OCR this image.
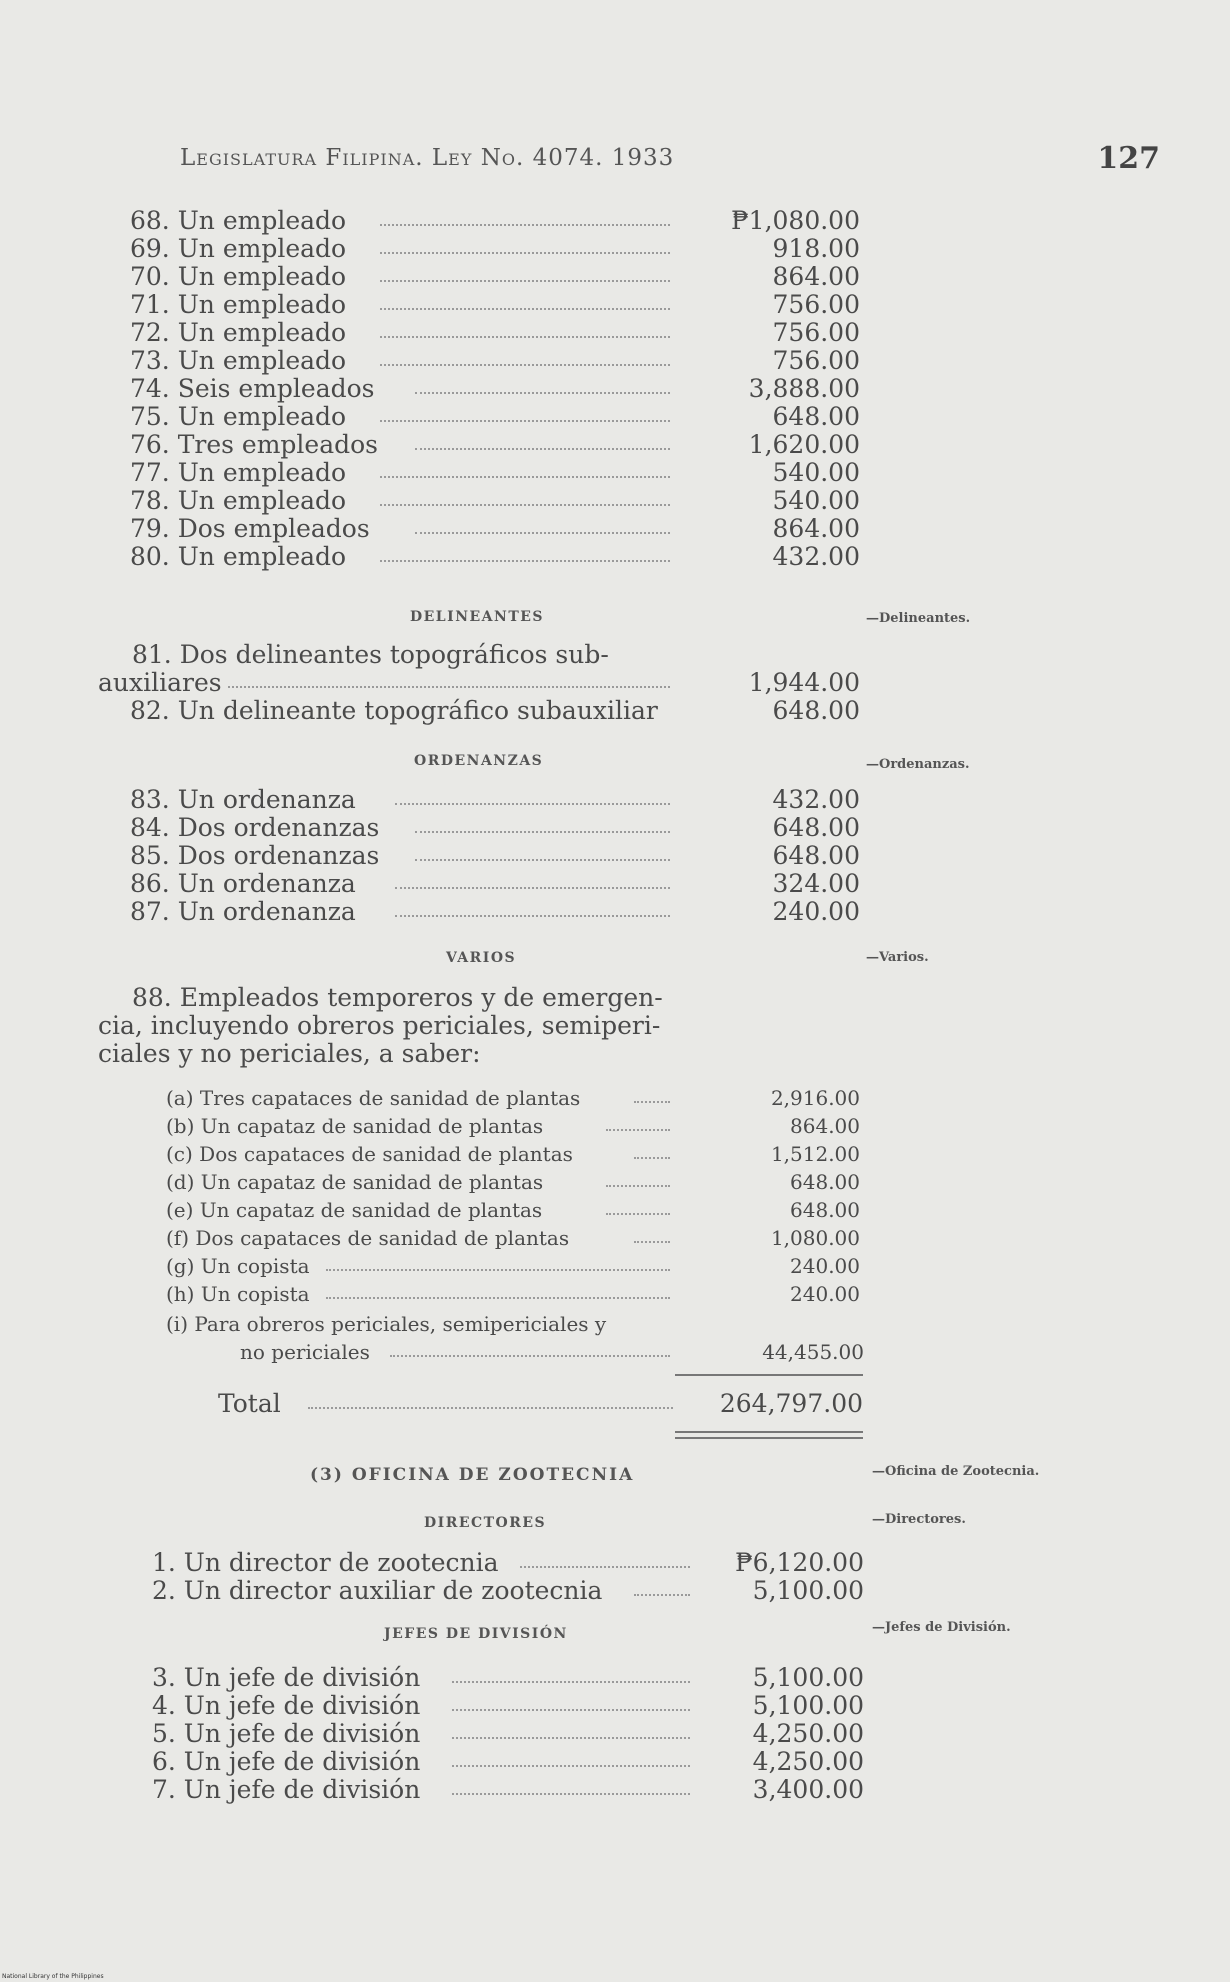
Legislatura Filipina. Ley No. 4074. 1933	127
68. Un empleado	₱1,080.00
69. Un empleado	918.00
70. Un empleado	864.00
71. Un empleado	756.00
72. Un empleado	756.00
73. Un empleado	756.00
74. Seis empleados	3,888.00
75. Un empleado	648.00
76. Tres empleados	1,620.00
77. Un empleado	540.00
78. Un empleado	540.00
79. Dos empleados	864.00
80. Un empleado	432.00
DELINEANTES	—Delineantes.
81. Dos delineantes topográficos sub-
auxiliares	1,944.00
82. Un delineante topográfico subauxiliar	648.00
ORDENANZAS	—Ordenanzas.
83. Un ordenanza	432.00
84. Dos ordenanzas	648.00
85. Dos ordenanzas	648.00
86. Un ordenanza	324.00
87. Un ordenanza	240.00
VARIOS	—Varios.
88. Empleados temporeros y de emergen-
cia, incluyendo obreros periciales, semiperi-
ciales y no periciales, a saber:
(a) Tres capataces de sanidad de plantas	2,916.00
(b) Un capataz de sanidad de plantas	864.00
(c) Dos capataces de sanidad de plantas	1,512.00
(d) Un capataz de sanidad de plantas	648.00
(e) Un capataz de sanidad de plantas	648.00
(f) Dos capataces de sanidad de plantas	1,080.00
(g) Un copista	240.00
(h) Un copista	240.00
(i) Para obreros periciales, semipericiales y
no periciales	44,455.00
Total	264,797.00
(3) OFICINA DE ZOOTECNIA	—Oficina de Zootecnia.
DIRECTORES	—Directores.
1. Un director de zootecnia	₱6,120.00
2. Un director auxiliar de zootecnia	5,100.00
JEFES DE DIVISIÓN	—Jefes de División.
3. Un jefe de división	5,100.00
4. Un jefe de división	5,100.00
5. Un jefe de división	4,250.00
6. Un jefe de división	4,250.00
7. Un jefe de división	3,400.00
National Library of the Philippines
